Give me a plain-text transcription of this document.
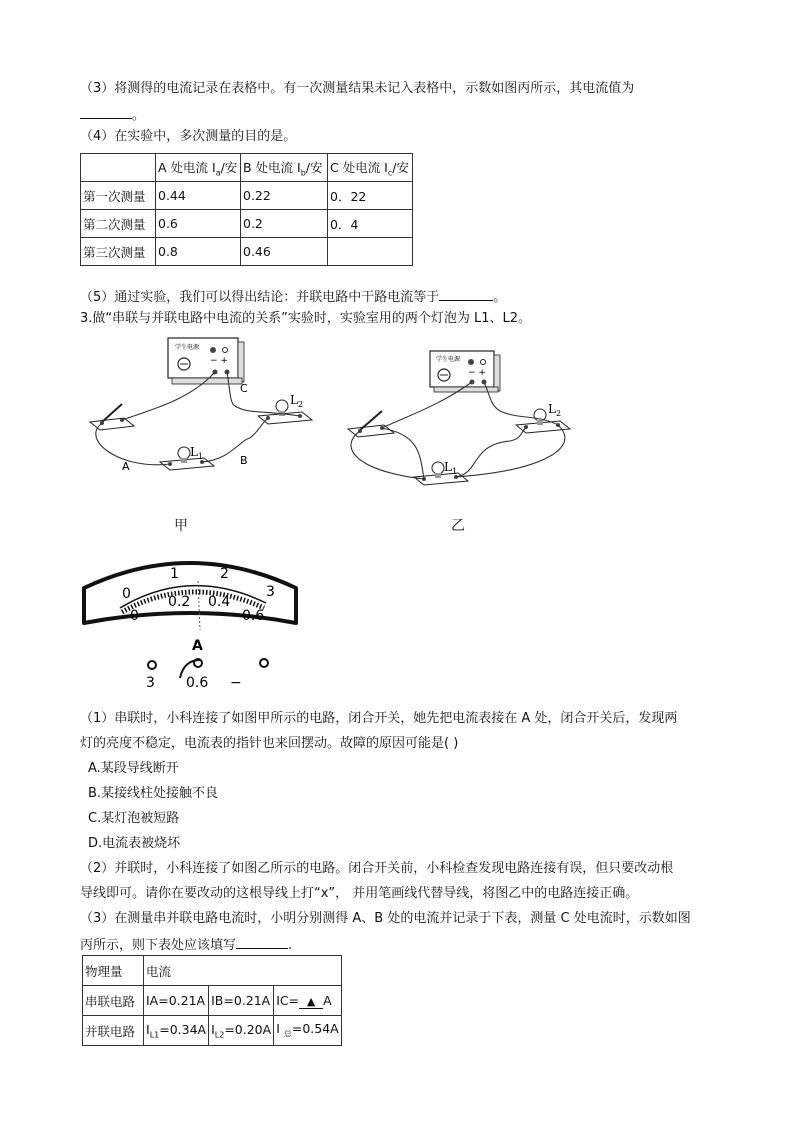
（3）将测得的电流记录在表格中。有一次测量结果未记入表格中，示数如图丙所示，其电流值为
。
（4）在实验中，多次测量的目的是。
	A 处电流 $I_a/$安	B 处电流 $I_b/$安	C 处电流 $I_c/$安
第一次测量	0.44	0.22	0．22
第二次测量	0.6	0.2	0．4
第三次测量	0.8	0.46	
（5）通过实验，我们可以得出结论：并联电路中干路电流等于	。
3.做“串联与并联电路中电流的关系”实验时，实验室用的两个灯泡为 L1、L2。
− +
学生电源
A	B
C
$L_1$
$L_2$
− +
学生电源
$L_1$
$L_2$
甲	乙
0
1	2
3
0
0.2 0.4
0.6
A
3 0.6 −
（1）串联时，小科连接了如图甲所示的电路，闭合开关，她先把电流表接在 A 处，闭合开关后，发现两
灯的亮度不稳定，电流表的指针也来回摆动。故障的原因可能是( )
A.某段导线断开
B.某接线柱处接触不良
C.某灯泡被短路
D.电流表被烧坏
（2）并联时，小科连接了如图乙所示的电路。闭合开关前，小科检查发现电路连接有误，但只要改动根
导线即可。请你在要改动的这根导线上打“x”， 并用笔画线代替导线，将图乙中的电路连接正确。
（3）在测量串并联电路电流时，小明分别测得 A、B 处的电流并记录于下表，测量 C 处电流时，示数如图
丙所示，则下表处应该填写	.
物理量	电流		
串联电路	IA=0.21A	IB=0.21A	IC= ▲ A
并联电路	$I_{L1}=0.34A$	$I_{L2}=0.20A$	I $_总$=0.54A
